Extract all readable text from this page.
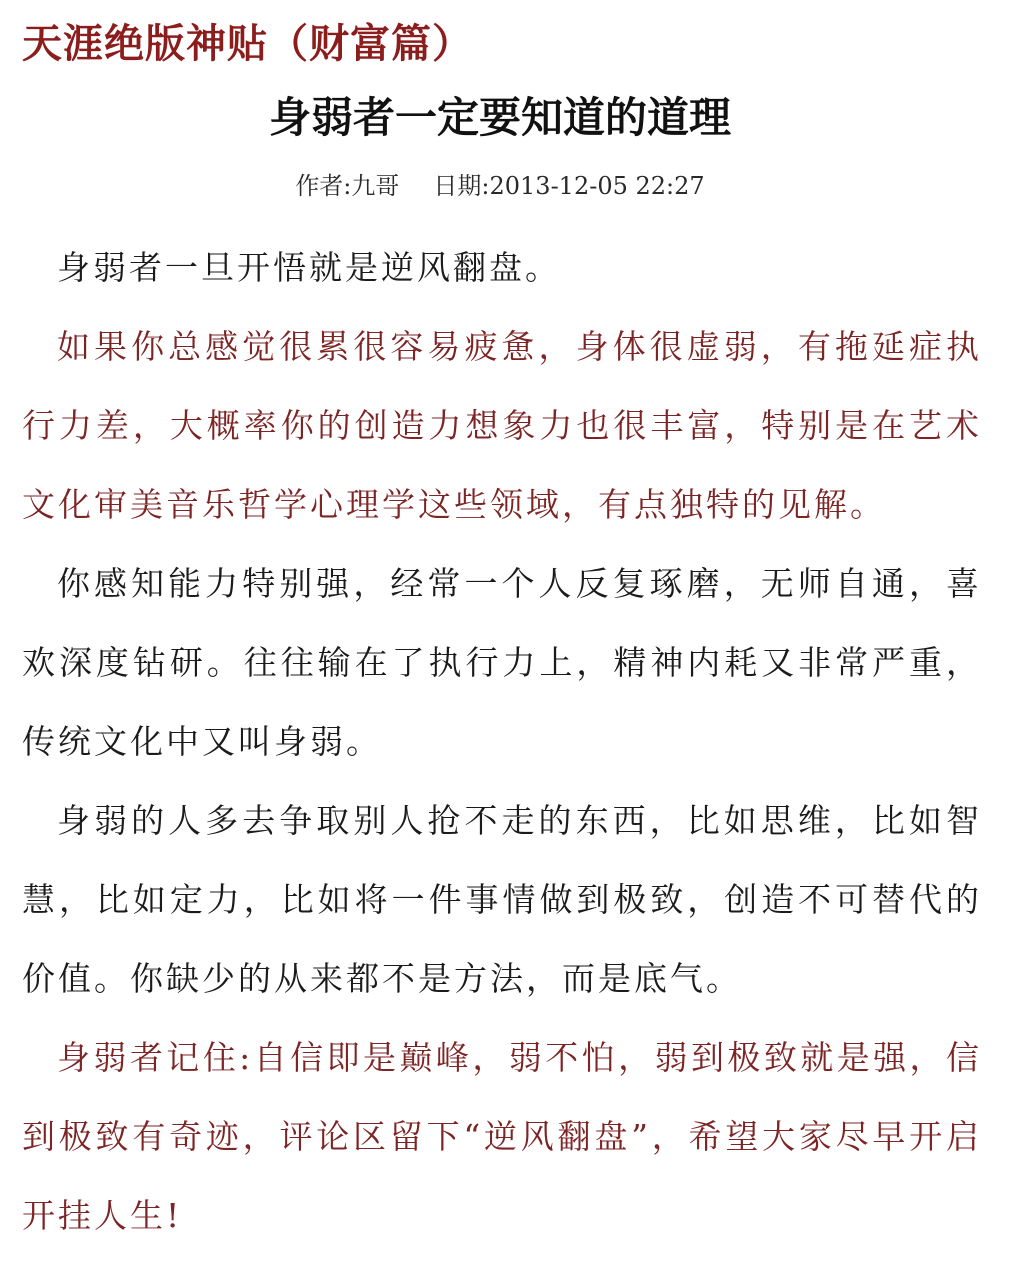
天涯绝版神贴（财富篇）
身弱者一定要知道的道理
作者:九哥 日期:2013-12-05 22:27

身弱者一旦开悟就是逆风翻盘。

如果你总感觉很累很容易疲惫，身体很虚弱，有拖延症执行力差，大概率你的创造力想象力也很丰富，特别是在艺术文化审美音乐哲学心理学这些领域，有点独特的见解。

你感知能力特别强，经常一个人反复琢磨，无师自通，喜欢深度钻研。往往输在了执行力上，精神内耗又非常严重，传统文化中又叫身弱。

身弱的人多去争取别人抢不走的东西，比如思维，比如智慧，比如定力，比如将一件事情做到极致，创造不可替代的价值。你缺少的从来都不是方法，而是底气。

身弱者记住:自信即是巅峰，弱不怕，弱到极致就是强，信到极致有奇迹，评论区留下“逆风翻盘”，希望大家尽早开启开挂人生!
